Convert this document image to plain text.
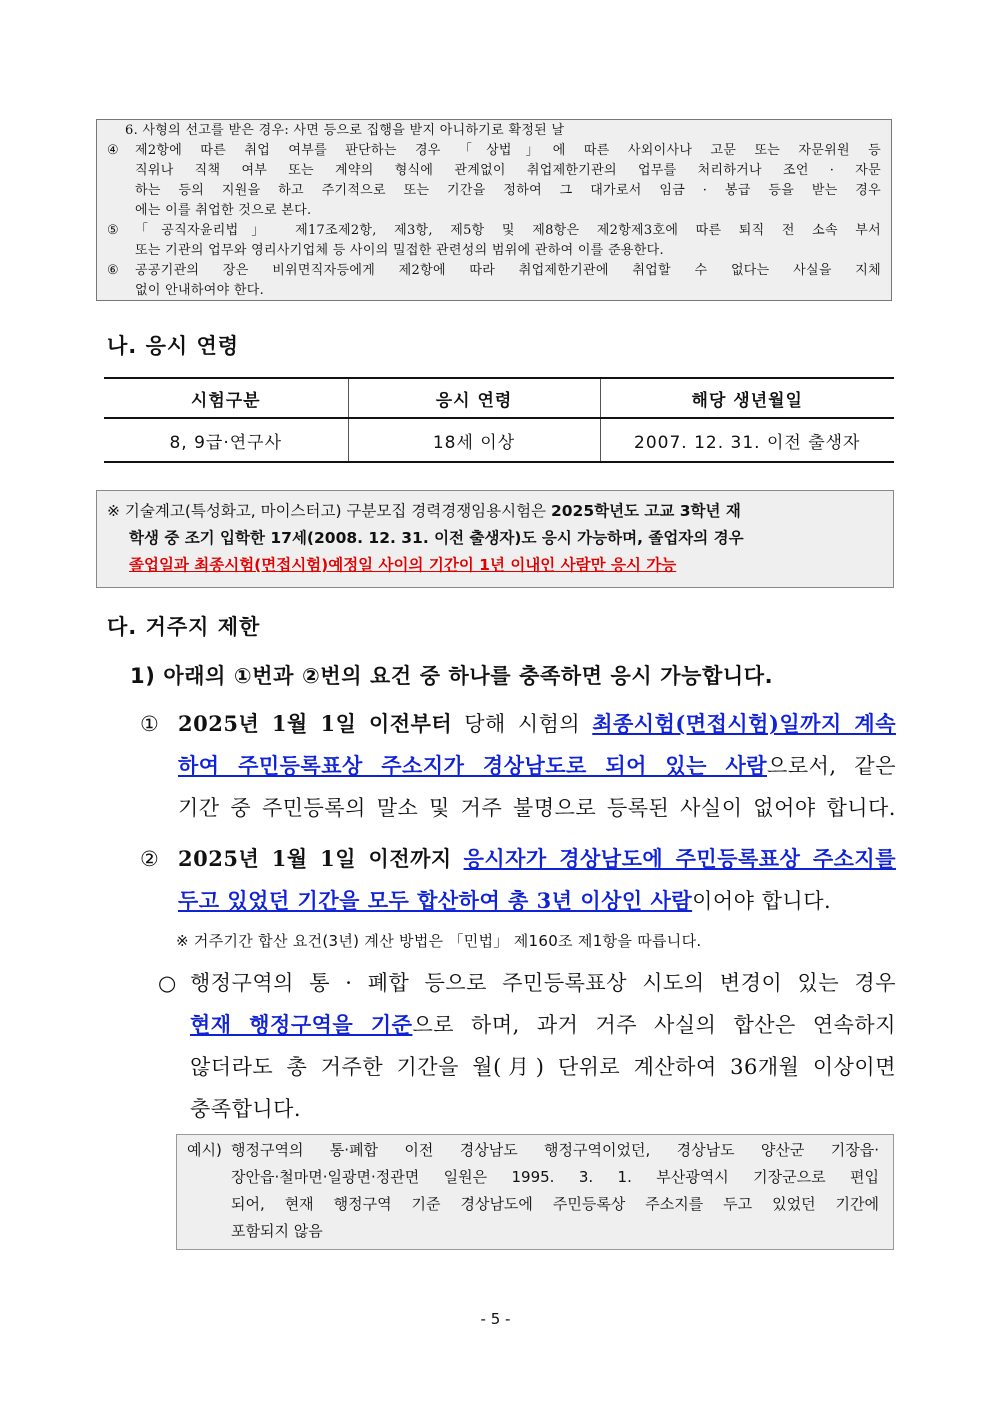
6. 사형의 선고를 받은 경우: 사면 등으로 집행을 받지 아니하기로 확정된 날
④	제2항에 따른 취업 여부를 판단하는 경우 「상법」에 따른 사외이사나 고문 또는 자문위원 등
직위나 직책 여부 또는 계약의 형식에 관계없이 취업제한기관의 업무를 처리하거나 조언 · 자문
하는 등의 지원을 하고 주기적으로 또는 기간을 정하여 그 대가로서 임금 · 봉급 등을 받는 경우
에는 이를 취업한 것으로 본다.
⑤	「공직자윤리법」 제17조제2항, 제3항, 제5항 및 제8항은 제2항제3호에 따른 퇴직 전 소속 부서
또는 기관의 업무와 영리사기업체 등 사이의 밀접한 관련성의 범위에 관하여 이를 준용한다.
⑥	공공기관의 장은 비위면직자등에게 제2항에 따라 취업제한기관에 취업할 수 없다는 사실을 지체
없이 안내하여야 한다.
나. 응시 연령
시험구분	응시 연령	해당 생년월일
8, 9급·연구사	18세 이상	2007. 12. 31. 이전 출생자
※ 기술계고(특성화고, 마이스터고) 구분모집 경력경쟁임용시험은 2025학년도 고교 3학년 재
학생 중 조기 입학한 17세(2008. 12. 31. 이전 출생자)도 응시 가능하며, 졸업자의 경우
졸업일과 최종시험(면접시험)예정일 사이의 기간이 1년 이내인 사람만 응시 가능
다. 거주지 제한
1) 아래의 ①번과 ②번의 요건 중 하나를 충족하면 응시 가능합니다.
① 2025년 1월 1일 이전부터 당해 시험의 최종시험(면접시험)일까지 계속
하여 주민등록표상 주소지가 경상남도로 되어 있는 사람으로서, 같은
기간 중 주민등록의 말소 및 거주 불명으로 등록된 사실이 없어야 합니다.
② 2025년 1월 1일 이전까지 응시자가 경상남도에 주민등록표상 주소지를
두고 있었던 기간을 모두 합산하여 총 3년 이상인 사람이어야 합니다.
※ 거주기간 합산 요건(3년) 계산 방법은 「민법」 제160조 제1항을 따릅니다.
○ 행정구역의 통 · 폐합 등으로 주민등록표상 시도의 변경이 있는 경우
현재 행정구역을 기준으로 하며, 과거 거주 사실의 합산은 연속하지
않더라도 총 거주한 기간을 월(月) 단위로 계산하여 36개월 이상이면
충족합니다.
예시) 행정구역의 통·폐합 이전 경상남도 행정구역이었던, 경상남도 양산군 기장읍·
장안읍·철마면·일광면·정관면 일원은 1995. 3. 1. 부산광역시 기장군으로 편입
되어, 현재 행정구역 기준 경상남도에 주민등록상 주소지를 두고 있었던 기간에
포함되지 않음
- 5 -
